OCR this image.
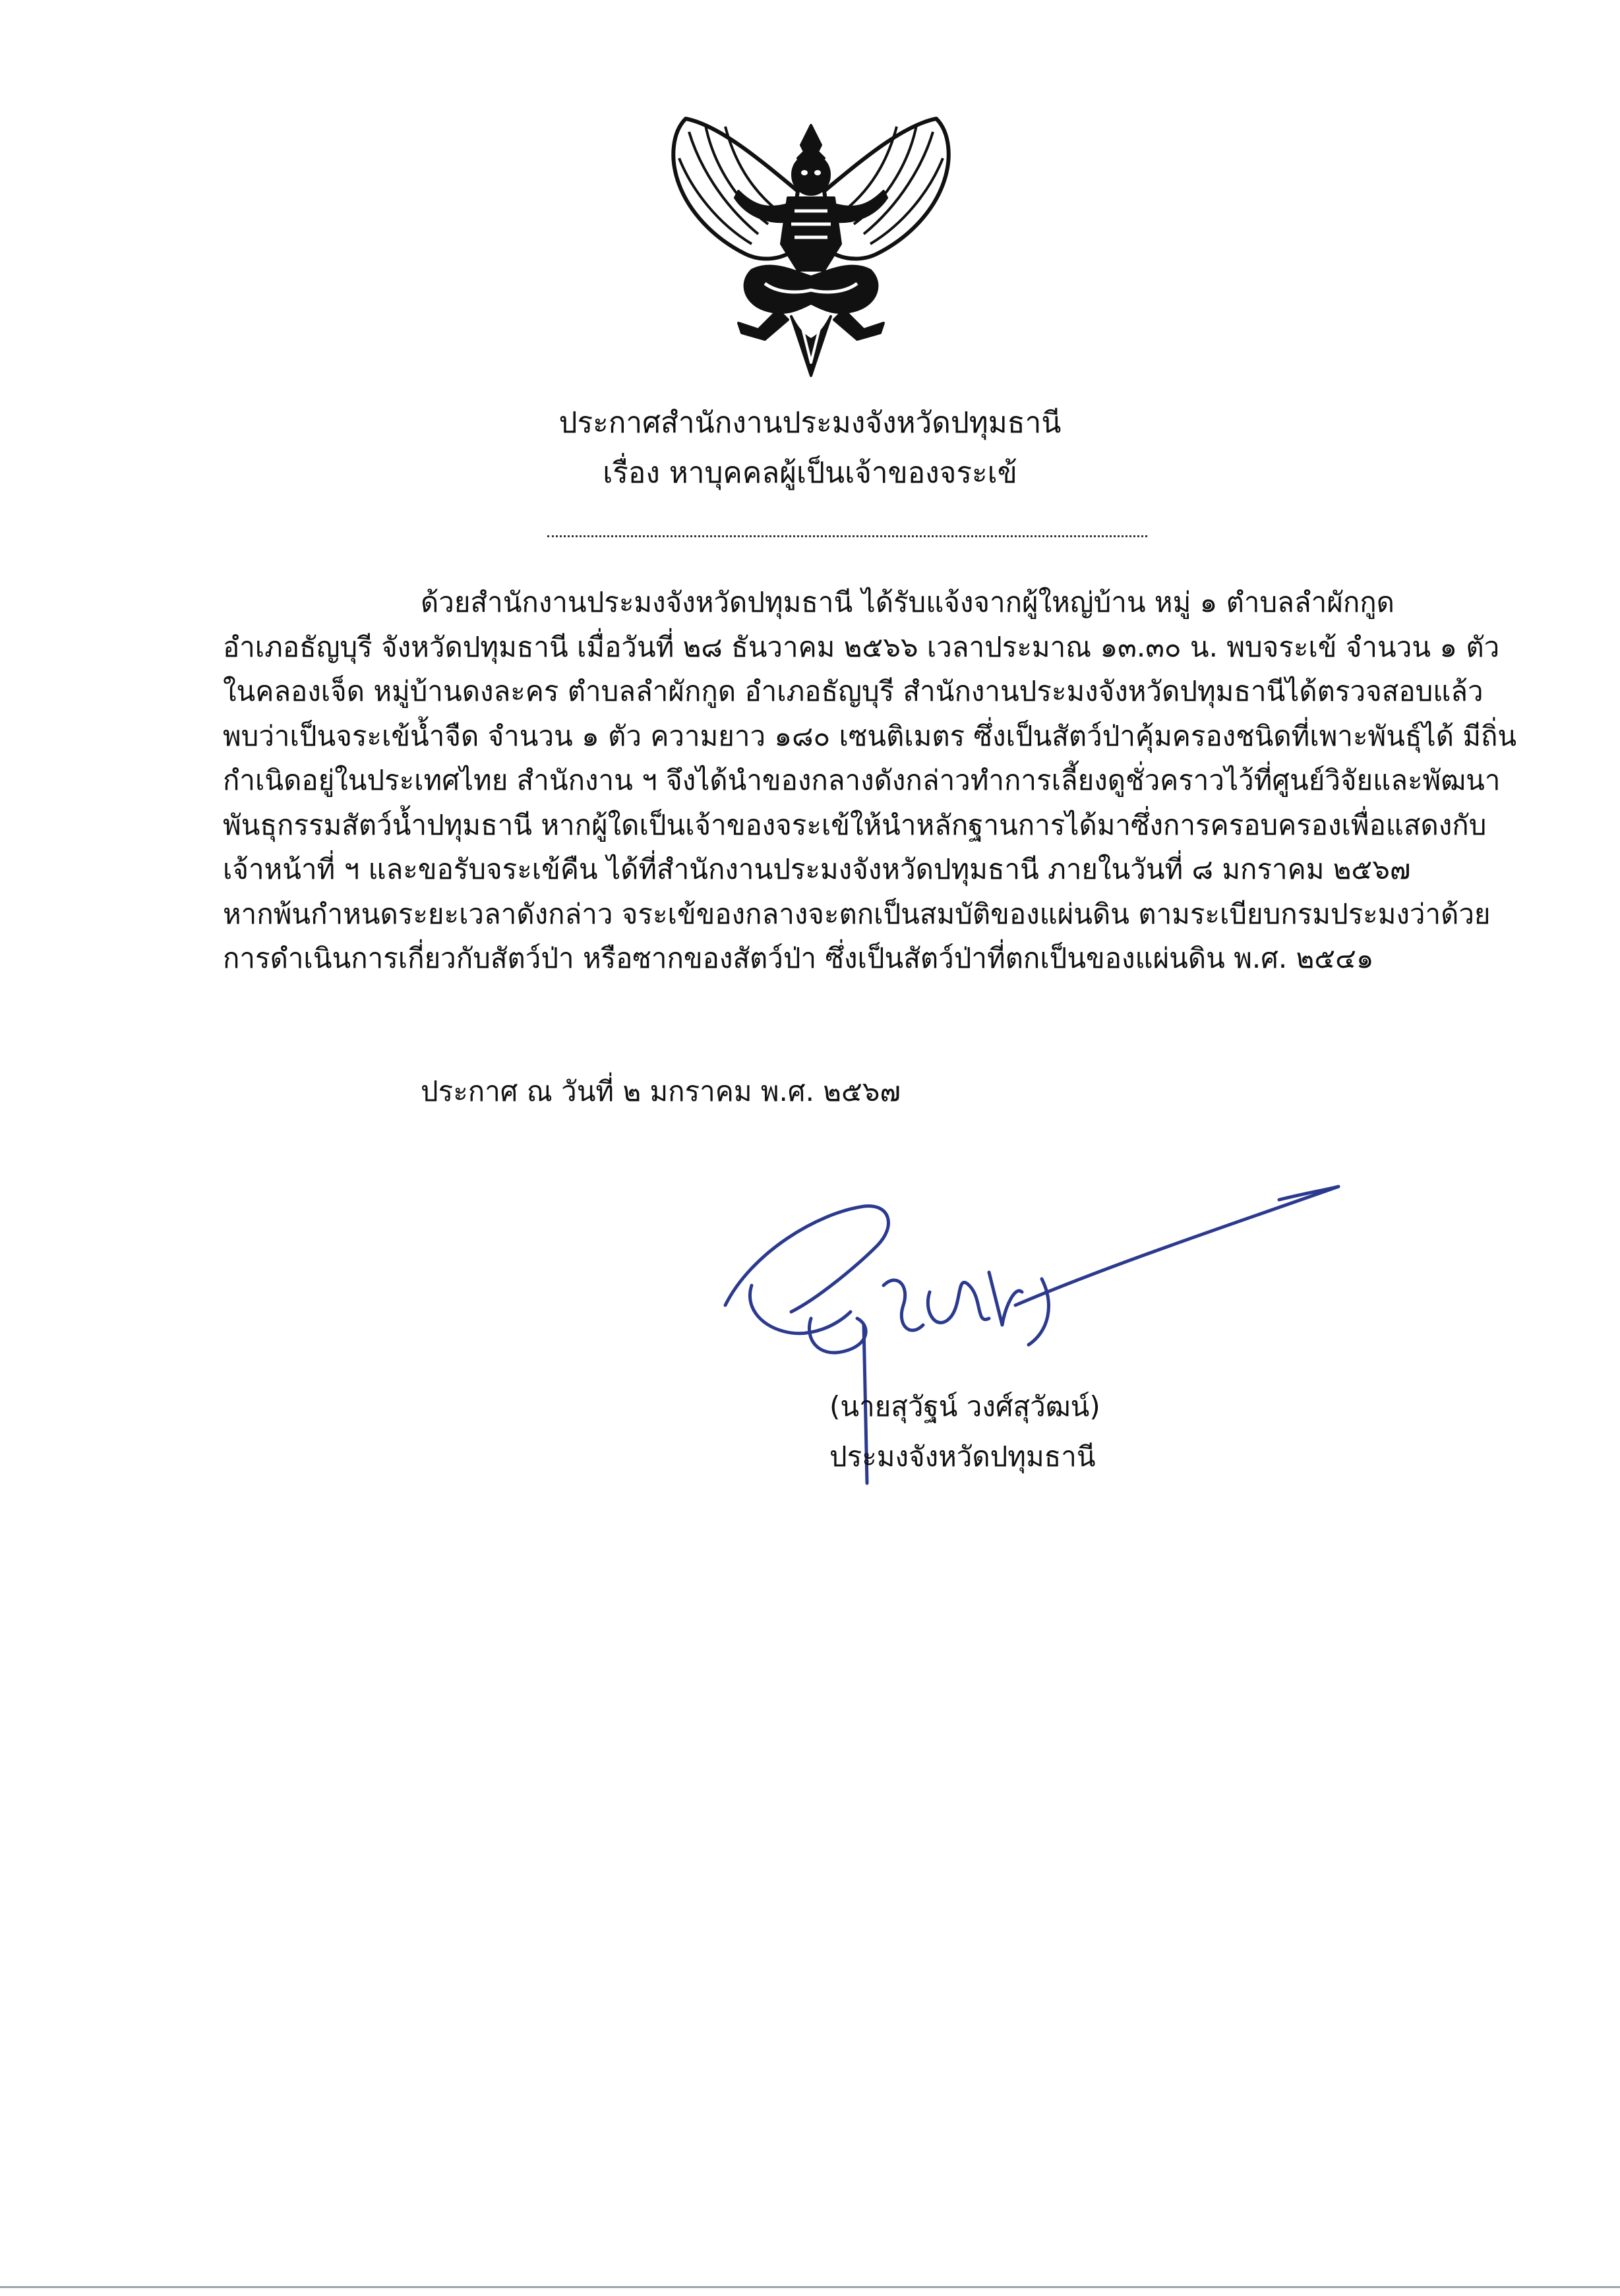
ประกาศสำนักงานประมงจังหวัดปทุมธานี
เรื่อง หาบุคคลผู้เป็นเจ้าของจระเข้
ด้วยสำนักงานประมงจังหวัดปทุมธานี ได้รับแจ้งจากผู้ใหญ่บ้าน หมู่ ๑ ตำบลลำผักกูด
อำเภอธัญบุรี จังหวัดปทุมธานี เมื่อวันที่ ๒๘ ธันวาคม ๒๕๖๖ เวลาประมาณ ๑๓.๓๐ น. พบจระเข้ จำนวน ๑ ตัว
ในคลองเจ็ด หมู่บ้านดงละคร ตำบลลำผักกูด อำเภอธัญบุรี สำนักงานประมงจังหวัดปทุมธานีได้ตรวจสอบแล้ว
พบว่าเป็นจระเข้น้ำจืด จำนวน ๑ ตัว ความยาว ๑๘๐ เซนติเมตร ซึ่งเป็นสัตว์ป่าคุ้มครองชนิดที่เพาะพันธุ์ได้ มีถิ่น
กำเนิดอยู่ในประเทศไทย สำนักงาน ฯ จึงได้นำของกลางดังกล่าวทำการเลี้ยงดูชั่วคราวไว้ที่ศูนย์วิจัยและพัฒนา
พันธุกรรมสัตว์น้ำปทุมธานี หากผู้ใดเป็นเจ้าของจระเข้ให้นำหลักฐานการได้มาซึ่งการครอบครองเพื่อแสดงกับ
เจ้าหน้าที่ ฯ และขอรับจระเข้คืน ได้ที่สำนักงานประมงจังหวัดปทุมธานี ภายในวันที่ ๘ มกราคม ๒๕๖๗
หากพ้นกำหนดระยะเวลาดังกล่าว จระเข้ของกลางจะตกเป็นสมบัติของแผ่นดิน ตามระเบียบกรมประมงว่าด้วย
การดำเนินการเกี่ยวกับสัตว์ป่า หรือซากของสัตว์ป่า ซึ่งเป็นสัตว์ป่าที่ตกเป็นของแผ่นดิน พ.ศ. ๒๕๔๑
ประกาศ ณ วันที่ ๒ มกราคม พ.ศ. ๒๕๖๗
(นายสุวัฐน์ วงศ์สุวัฒน์)
ประมงจังหวัดปทุมธานี
